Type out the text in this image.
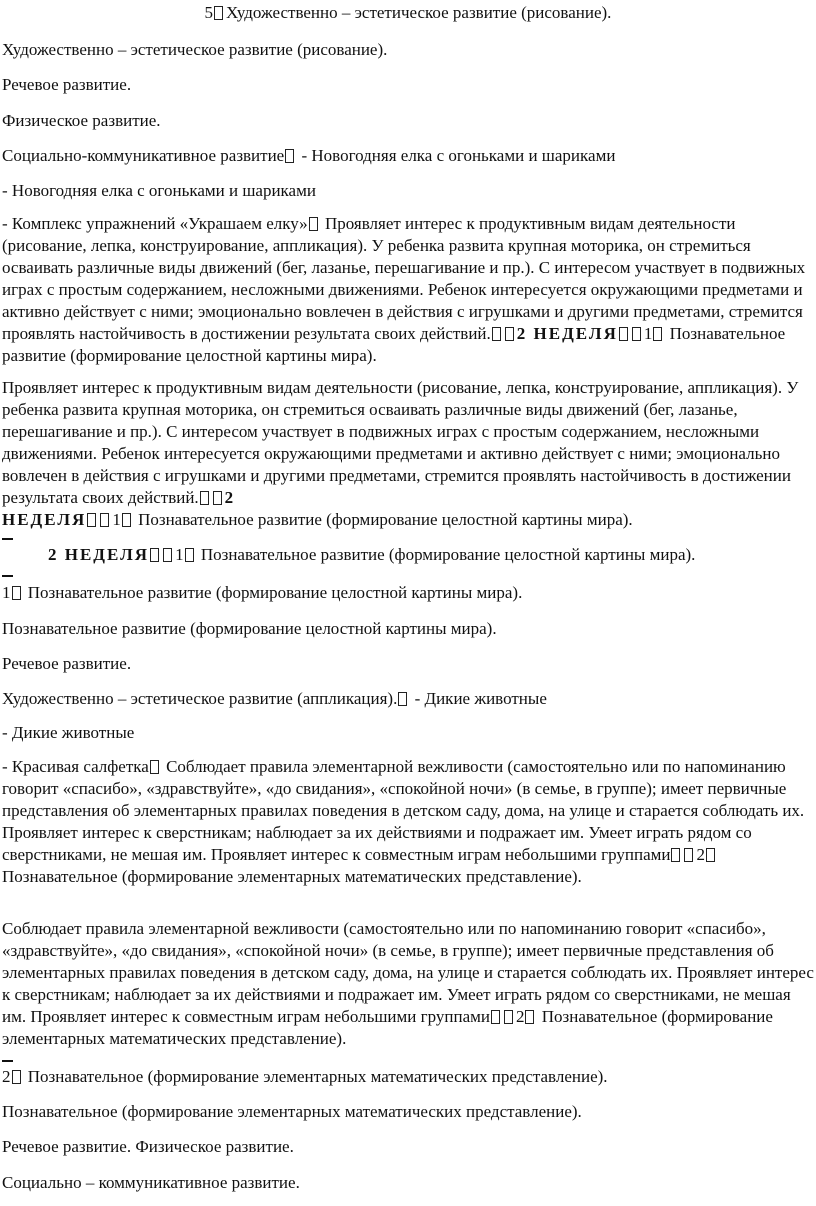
5 Художественно – эстетическое развитие (рисование).
Художественно – эстетическое развитие (рисование).
Речевое развитие.
Физическое развитие.
Социально-коммуникативное развитие - Новогодняя елка с огоньками и шариками
- Новогодняя елка с огоньками и шариками
- Комплекс упражнений «Украшаем елку» Проявляет интерес к продуктивным видам деятельности (рисование, лепка, конструирование, аппликация). У ребенка развита крупная моторика, он стремиться осваивать различные виды движений (бег, лазанье, перешагивание и пр.). С интересом участвует в подвижных играх с простым содержанием, несложными движениями. Ребенок интересуется окружающими предметами и активно действует с ними; эмоционально вовлечен в действия с игрушками и другими предметами, стремится проявлять настойчивость в достижении результата своих действий. 2 НЕДЕЛЯ 1 Познавательное развитие (формирование целостной картины мира).
Проявляет интерес к продуктивным видам деятельности (рисование, лепка, конструирование, аппликация). У ребенка развита крупная моторика, он стремиться осваивать различные виды движений (бег, лазанье, перешагивание и пр.). С интересом участвует в подвижных играх с простым содержанием, несложными движениями. Ребенок интересуется окружающими предметами и активно действует с ними; эмоционально вовлечен в действия с игрушками и другими предметами, стремится проявлять настойчивость в достижении результата своих действий. 2
НЕДЕЛЯ 1 Познавательное развитие (формирование целостной картины мира).
2 НЕДЕЛЯ 1 Познавательное развитие (формирование целостной картины мира).
1 Познавательное развитие (формирование целостной картины мира).
Познавательное развитие (формирование целостной картины мира).
Речевое развитие.
Художественно – эстетическое развитие (аппликация). - Дикие животные
- Дикие животные
- Красивая салфетка Соблюдает правила элементарной вежливости (самостоятельно или по напоминанию говорит «спасибо», «здравствуйте», «до свидания», «спокойной ночи» (в семье, в группе); имеет первичные представления об элементарных правилах поведения в детском саду, дома, на улице и старается соблюдать их. Проявляет интерес к сверстникам; наблюдает за их действиями и подражает им. Умеет играть рядом со сверстниками, не мешая им. Проявляет интерес к совместным играм небольшими группами 2 Познавательное (формирование элементарных математических представление).
Соблюдает правила элементарной вежливости (самостоятельно или по напоминанию говорит «спасибо», «здравствуйте», «до свидания», «спокойной ночи» (в семье, в группе); имеет первичные представления об элементарных правилах поведения в детском саду, дома, на улице и старается соблюдать их. Проявляет интерес к сверстникам; наблюдает за их действиями и подражает им. Умеет играть рядом со сверстниками, не мешая им. Проявляет интерес к совместным играм небольшими группами 2 Познавательное (формирование элементарных математических представление).
2 Познавательное (формирование элементарных математических представление).
Познавательное (формирование элементарных математических представление).
Речевое развитие. Физическое развитие.
Социально – коммуникативное развитие.
